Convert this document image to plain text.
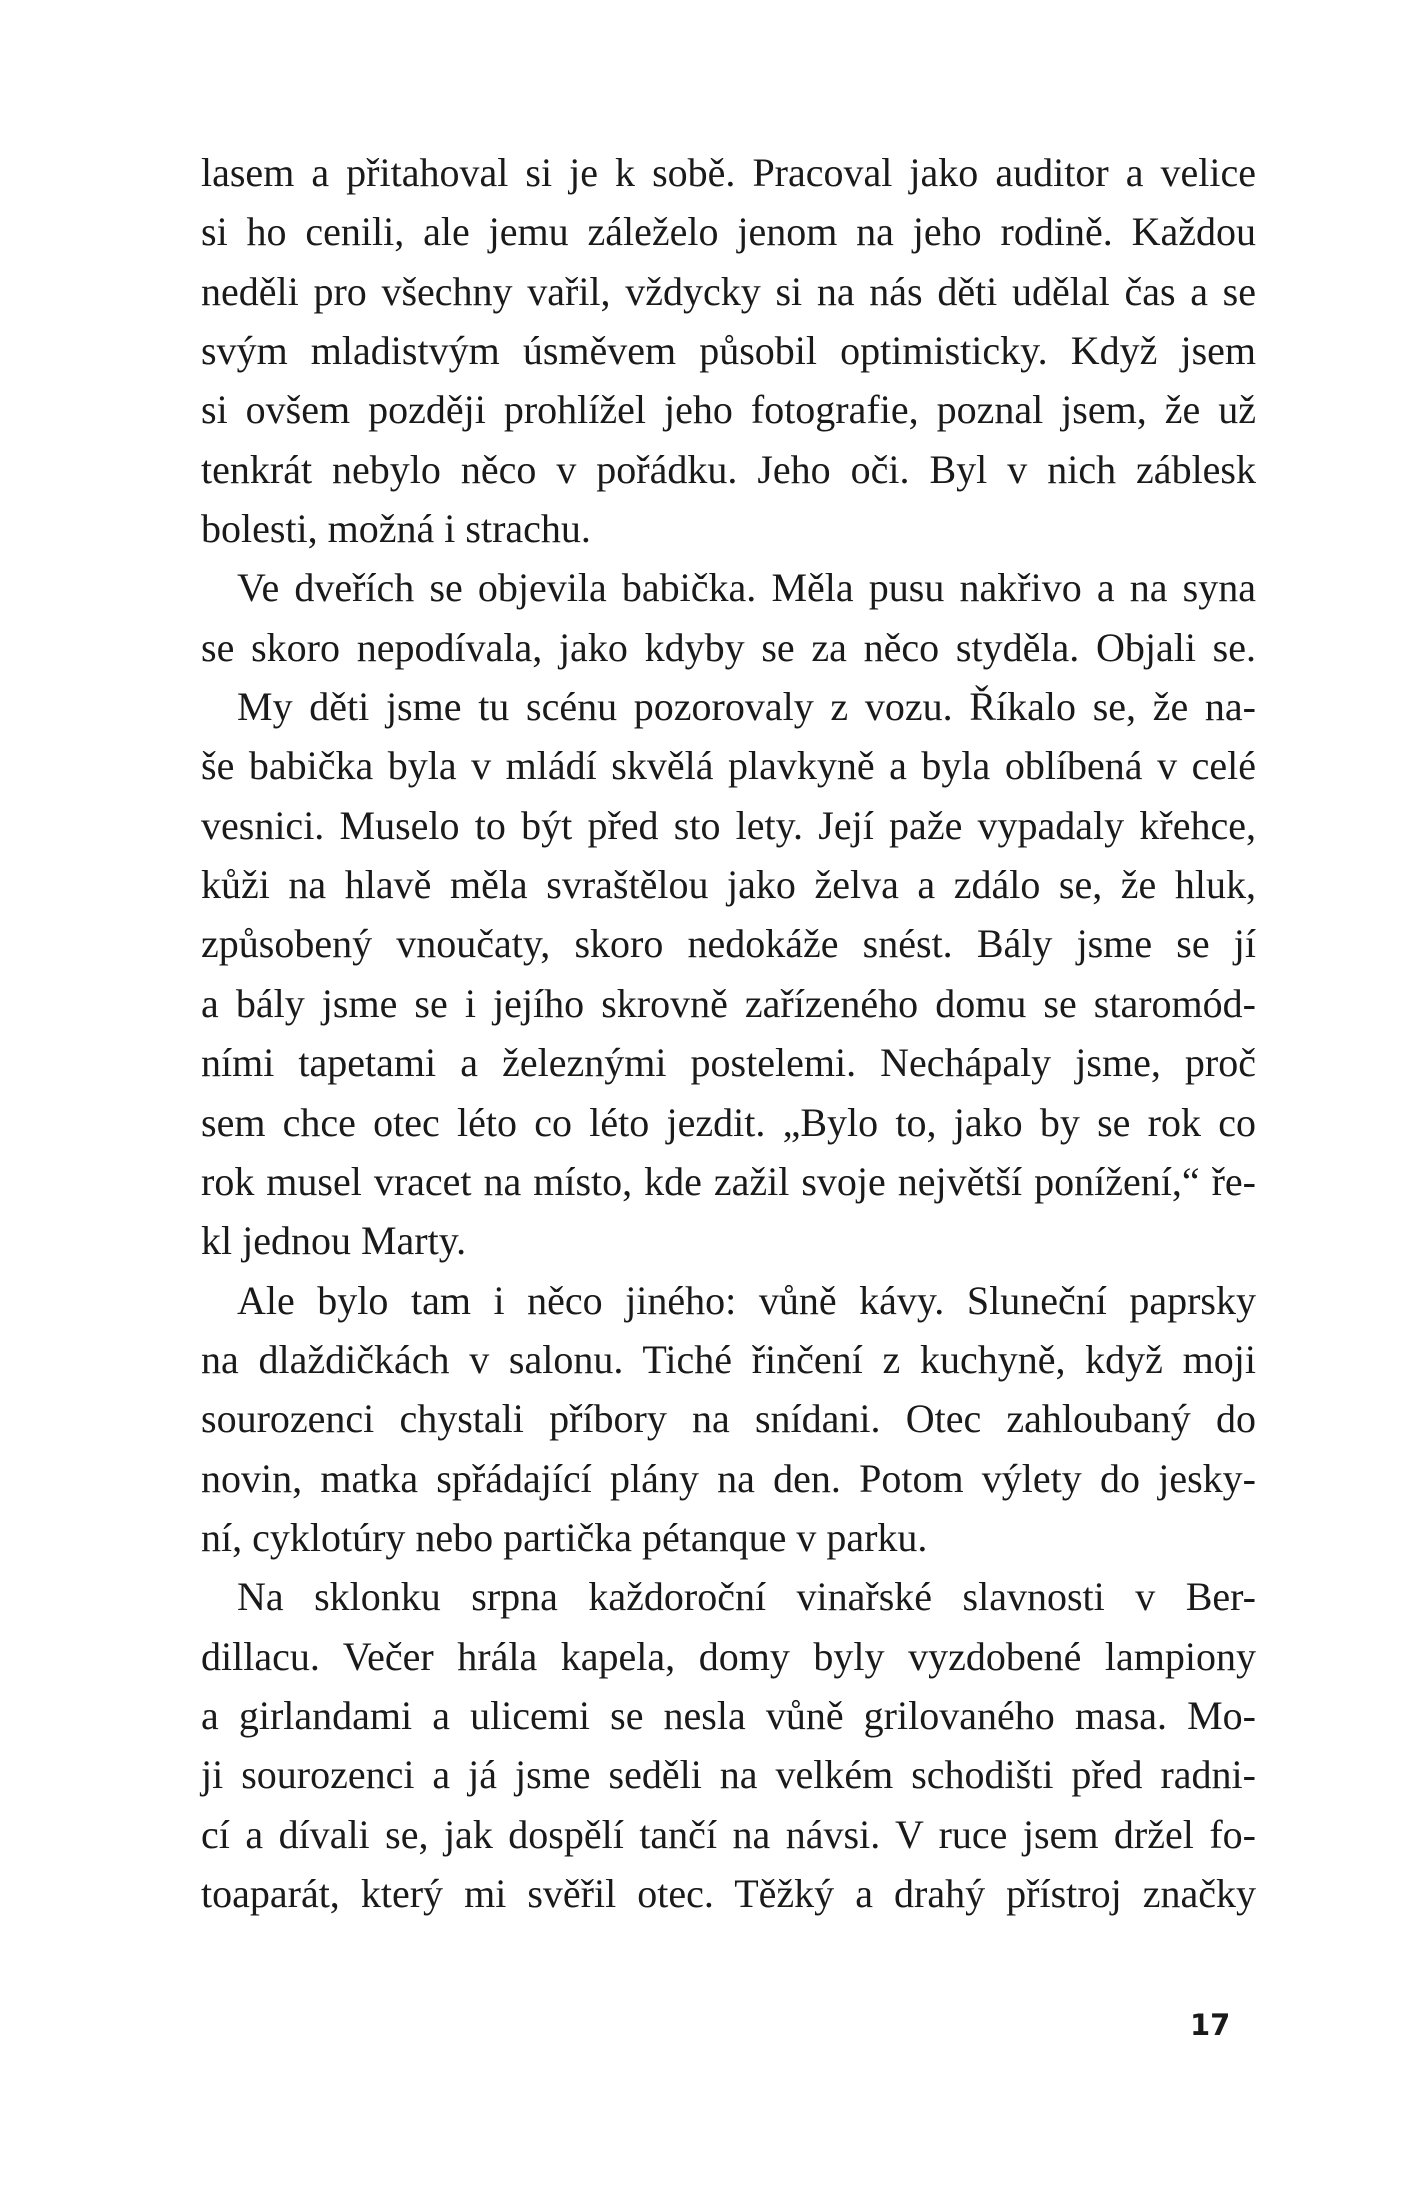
lasem a přitahoval si je k sobě. Pracoval jako auditor a velice
si ho cenili, ale jemu záleželo jenom na jeho rodině. Každou
neděli pro všechny vařil, vždycky si na nás děti udělal čas a se
svým mladistvým úsměvem působil optimisticky. Když jsem
si ovšem později prohlížel jeho fotografie, poznal jsem, že už
tenkrát nebylo něco v pořádku. Jeho oči. Byl v nich záblesk
bolesti, možná i strachu.
Ve dveřích se objevila babička. Měla pusu nakřivo a na syna
se skoro nepodívala, jako kdyby se za něco styděla. Objali se.
My děti jsme tu scénu pozorovaly z vozu. Říkalo se, že na-
še babička byla v mládí skvělá plavkyně a byla oblíbená v celé
vesnici. Muselo to být před sto lety. Její paže vypadaly křehce,
kůži na hlavě měla svraštělou jako želva a zdálo se, že hluk,
způsobený vnoučaty, skoro nedokáže snést. Bály jsme se jí
a bály jsme se i jejího skrovně zařízeného domu se staromód-
ními tapetami a železnými postelemi. Nechápaly jsme, proč
sem chce otec léto co léto jezdit. „Bylo to, jako by se rok co
rok musel vracet na místo, kde zažil svoje největší ponížení,“ ře-
kl jednou Marty.
Ale bylo tam i něco jiného: vůně kávy. Sluneční paprsky
na dlaždičkách v salonu. Tiché řinčení z kuchyně, když moji
sourozenci chystali příbory na snídani. Otec zahloubaný do
novin, matka spřádající plány na den. Potom výlety do jesky-
ní, cyklotúry nebo partička pétanque v parku.
Na sklonku srpna každoroční vinařské slavnosti v Ber-
dillacu. Večer hrála kapela, domy byly vyzdobené lampiony
a girlandami a ulicemi se nesla vůně grilovaného masa. Mo-
ji sourozenci a já jsme seděli na velkém schodišti před radni-
cí a dívali se, jak dospělí tančí na návsi. V ruce jsem držel fo-
toaparát, který mi svěřil otec. Těžký a drahý přístroj značky
17
